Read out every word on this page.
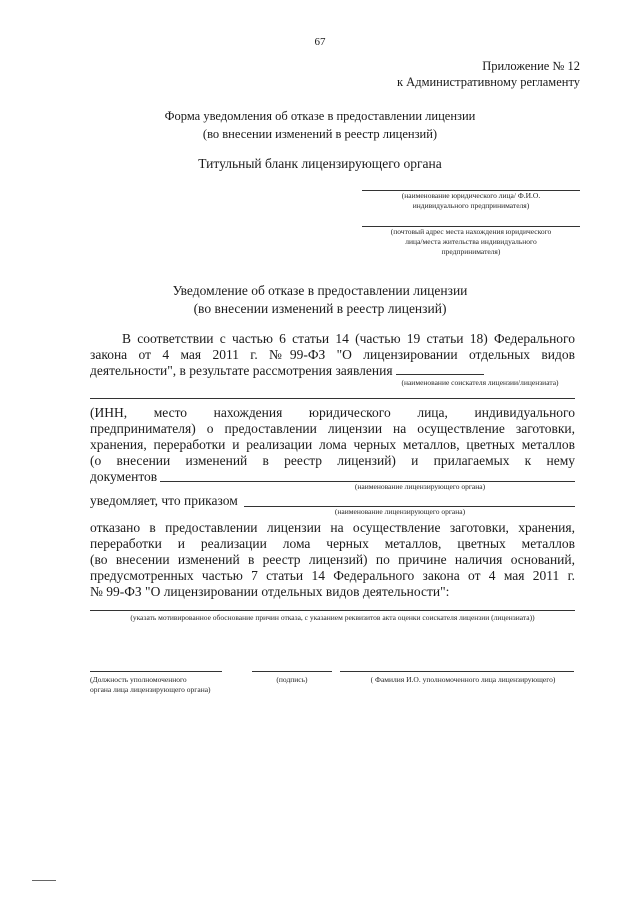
67
Приложение № 12
к Административному регламенту
Форма уведомления об отказе в предоставлении лицензии
(во внесении изменений в реестр лицензий)
Титульный бланк лицензирующего органа
(наименование юридического лица/ Ф.И.О.
индивидуального предпринимателя)
(почтовый адрес места нахождения юридического
лица/места жительства индивидуального
предпринимателя)
Уведомление об отказе в предоставлении лицензии
(во внесении изменений в реестр лицензий)
В соответствии с частью 6 статьи 14 (частью 19 статьи 18) Федерального
закона от 4 мая 2011 г. №99-ФЗ "О лицензировании отдельных видов
деятельности", в результате рассмотрения заявления
(наименование соискателя лицензии/лицензиата)
(ИНН, место нахождения юридического лица, индивидуального
предпринимателя) о предоставлении лицензии на осуществление заготовки,
хранения, переработки и реализации лома черных металлов, цветных металлов
(о внесении изменений в реестр лицензий) и прилагаемых к нему
документов
(наименование лицензирующего органа)
уведомляет, что приказом
(наименование лицензирующего органа)
отказано в предоставлении лицензии на осуществление заготовки, хранения,
переработки и реализации лома черных металлов, цветных металлов
(во внесении изменений в реестр лицензий) по причине наличия оснований,
предусмотренных частью 7 статьи 14 Федерального закона от 4 мая 2011 г.
№ 99-ФЗ "О лицензировании отдельных видов деятельности":
(указать мотивированное обоснование причин отказа, с указанием реквизитов акта оценки соискателя лицензии (лицензиата))
(Должность уполномоченного
органа лица лицензирующего органа)
(подпись)	( Фамилия И.О. уполномоченного лица лицензирующего)
